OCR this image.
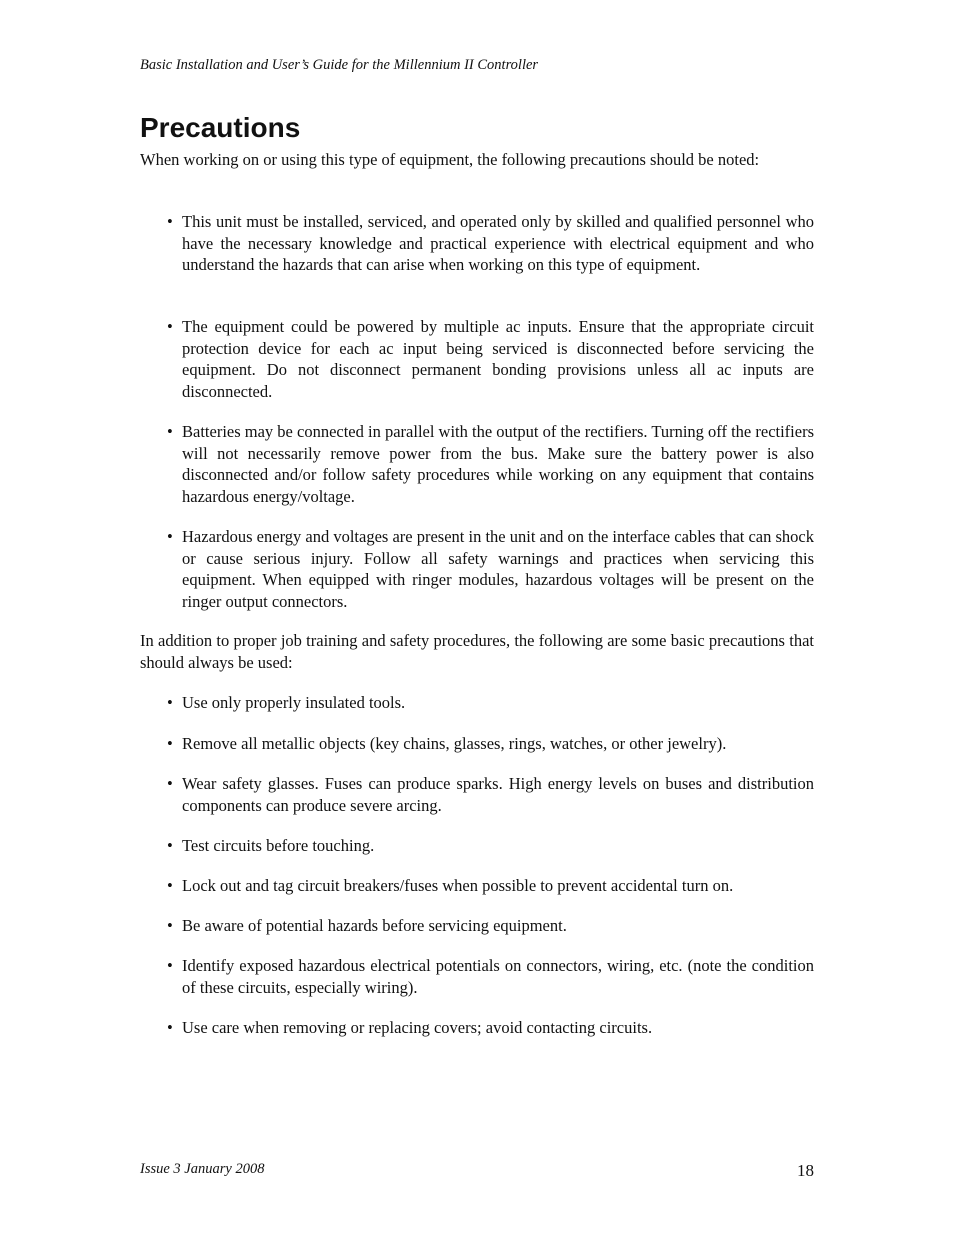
Basic Installation and User’s Guide for the Millennium II Controller
Precautions

When working on or using this type of equipment, the following precautions should be noted:

• This unit must be installed, serviced, and operated only by skilled and qualified personnel who have the necessary knowledge and practical experience with electrical equipment and who understand the hazards that can arise when working on this type of equipment.
• The equipment could be powered by multiple ac inputs. Ensure that the appropriate circuit protection device for each ac input being serviced is disconnected before servicing the equipment. Do not disconnect permanent bonding provisions unless all ac inputs are disconnected.
• Batteries may be connected in parallel with the output of the rectifiers. Turning off the rectifiers will not necessarily remove power from the bus. Make sure the battery power is also disconnected and/or follow safety procedures while working on any equipment that contains hazardous energy/voltage.
• Hazardous energy and voltages are present in the unit and on the interface cables that can shock or cause serious injury. Follow all safety warnings and practices when servicing this equipment. When equipped with ringer modules, hazardous voltages will be present on the ringer output connectors.

In addition to proper job training and safety procedures, the following are some basic precautions that should always be used:

• Use only properly insulated tools.
• Remove all metallic objects (key chains, glasses, rings, watches, or other jewelry).
• Wear safety glasses. Fuses can produce sparks. High energy levels on buses and distribution components can produce severe arcing.
• Test circuits before touching.
• Lock out and tag circuit breakers/fuses when possible to prevent accidental turn on.
• Be aware of potential hazards before servicing equipment.
• Identify exposed hazardous electrical potentials on connectors, wiring, etc. (note the condition of these circuits, especially wiring).
• Use care when removing or replacing covers; avoid contacting circuits.
Issue 3 January 2008	18
